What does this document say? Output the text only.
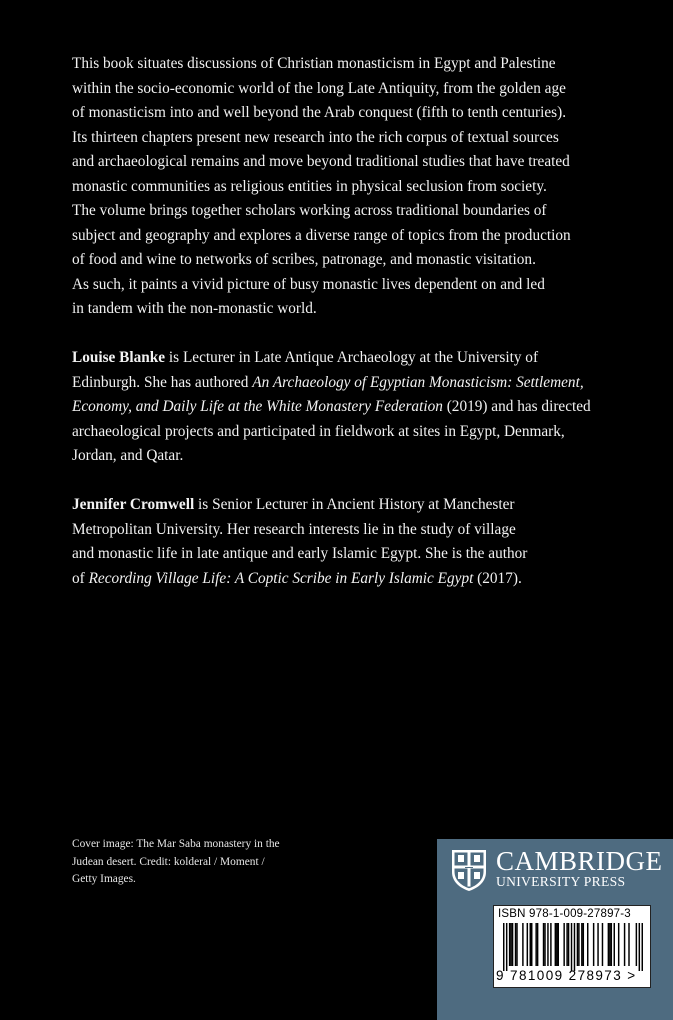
This book situates discussions of Christian monasticism in Egypt and Palestine
within the socio-economic world of the long Late Antiquity, from the golden age
of monasticism into and well beyond the Arab conquest (fifth to tenth centuries).
Its thirteen chapters present new research into the rich corpus of textual sources
and archaeological remains and move beyond traditional studies that have treated
monastic communities as religious entities in physical seclusion from society.
The volume brings together scholars working across traditional boundaries of
subject and geography and explores a diverse range of topics from the production
of food and wine to networks of scribes, patronage, and monastic visitation.
As such, it paints a vivid picture of busy monastic lives dependent on and led
in tandem with the non-monastic world.

Louise Blanke is Lecturer in Late Antique Archaeology at the University of
Edinburgh. She has authored An Archaeology of Egyptian Monasticism: Settlement,
Economy, and Daily Life at the White Monastery Federation (2019) and has directed
archaeological projects and participated in fieldwork at sites in Egypt, Denmark,
Jordan, and Qatar.

Jennifer Cromwell is Senior Lecturer in Ancient History at Manchester
Metropolitan University. Her research interests lie in the study of village
and monastic life in late antique and early Islamic Egypt. She is the author
of Recording Village Life: A Coptic Scribe in Early Islamic Egypt (2017).

Cover image: The Mar Saba monastery in the
Judean desert. Credit: kolderal / Moment /
Getty Images.
CAMBRIDGE
UNIVERSITY PRESS
ISBN 978-1-009-27897-3
9 781009 278973 >
